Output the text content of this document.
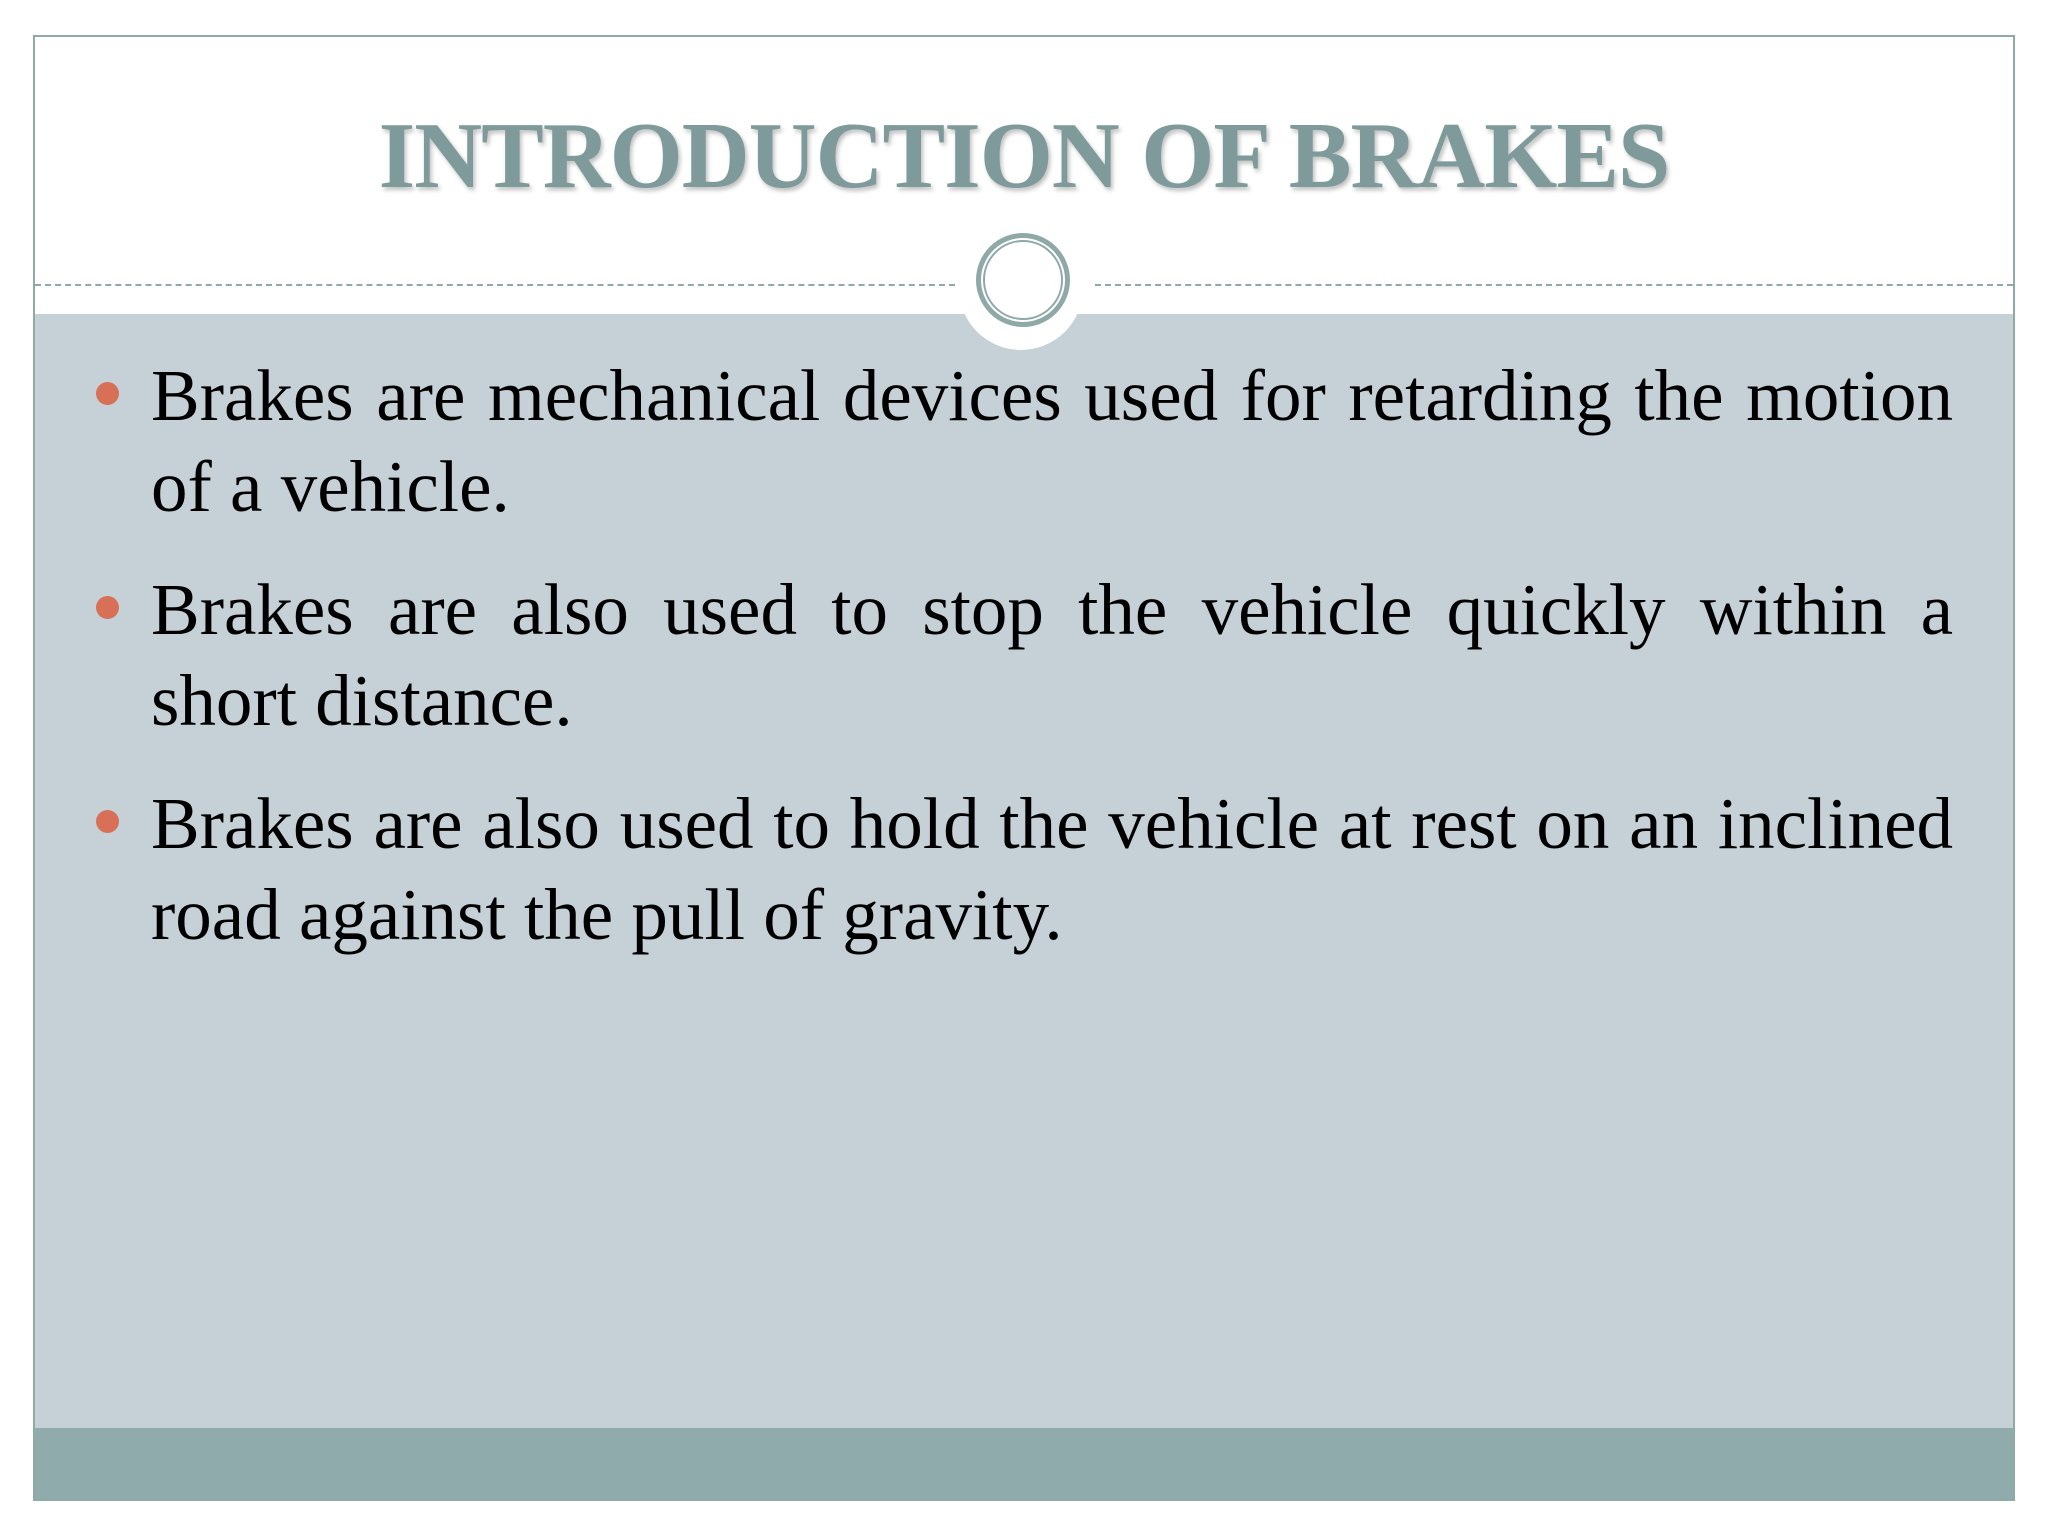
INTRODUCTION OF BRAKES
Brakes are mechanical devices used for retarding the motion of a vehicle.
Brakes are also used to stop the vehicle quickly within a short distance.
Brakes are also used to hold the vehicle at rest on an inclined road against the pull of gravity.
